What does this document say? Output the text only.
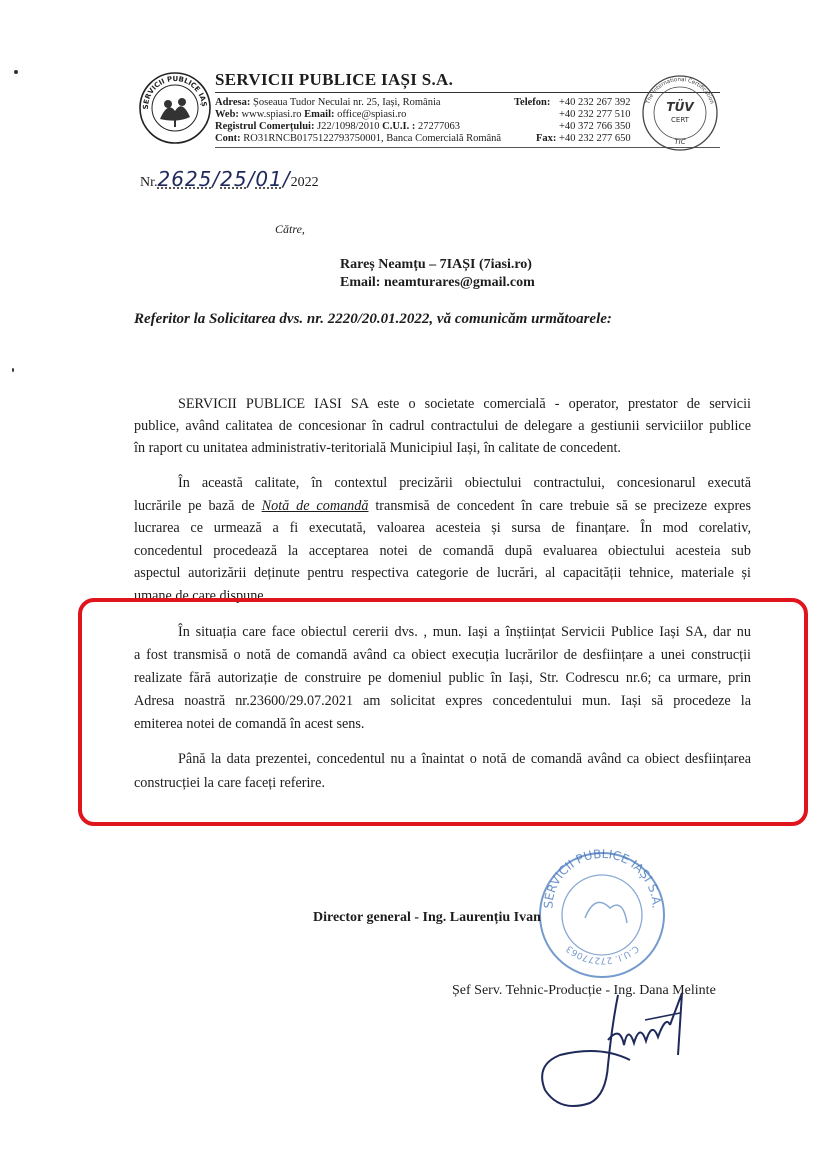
SERVICII PUBLICE IAȘ
SERVICII PUBLICE IAȘI S.A.
Adresa: Șoseaua Tudor Neculai nr. 25, Iași, România
Web: www.spiasi.ro Email: office@spiasi.ro
Registrul Comerțului: J22/1098/2010 C.U.I. : 27277063
Cont: RO31RNCB0175122793750001, Banca Comercială Română
Telefon: +40 232 267 392
+40 232 277 510
+40 372 766 350
Fax: +40 232 277 650
The International Certification
TÜV
CERT
TIC
Nr.2625/25/01/2022
Către,
Rareș Neamțu – 7IAȘI (7iasi.ro)
Email: neamturares@gmail.com
Referitor la Solicitarea dvs. nr. 2220/20.01.2022, vă comunicăm următoarele:
SERVICII PUBLICE IASI SA este o societate comercială - operator, prestator de servicii
publice, având calitatea de concesionar în cadrul contractului de delegare a gestiunii serviciilor publice
în raport cu unitatea administrativ-teritorială Municipiul Iași, în calitate de concedent.
În această calitate, în contextul precizării obiectului contractului, concesionarul execută
lucrările pe bază de Notă de comandă transmisă de concedent în care trebuie să se precizeze expres
lucrarea ce urmează a fi executată, valoarea acesteia și sursa de finanțare. În mod corelativ,
concedentul procedează la acceptarea notei de comandă după evaluarea obiectului acesteia sub
aspectul autorizării deținute pentru respectiva categorie de lucrări, al capacității tehnice, materiale și
umane de care dispune.
În situația care face obiectul cererii dvs. , mun. Iași a înștiințat Servicii Publice Iași SA, dar nu
a fost transmisă o notă de comandă având ca obiect execuția lucrărilor de desființare a unei construcții
realizate fără autorizație de construire pe domeniul public în Iași, Str. Codrescu nr.6; ca urmare, prin
Adresa noastră nr.23600/29.07.2021 am solicitat expres concedentului mun. Iași să procedeze la
emiterea notei de comandă în acest sens.
Până la data prezentei, concedentul nu a înaintat o notă de comandă având ca obiect desființarea
construcției la care faceți referire.
SERVICII PUBLICE IAȘI S.A.
C.U.I. 27277063
Director general - Ing. Laurențiu Ivan
Șef Serv. Tehnic-Producție - Ing. Dana Melinte
